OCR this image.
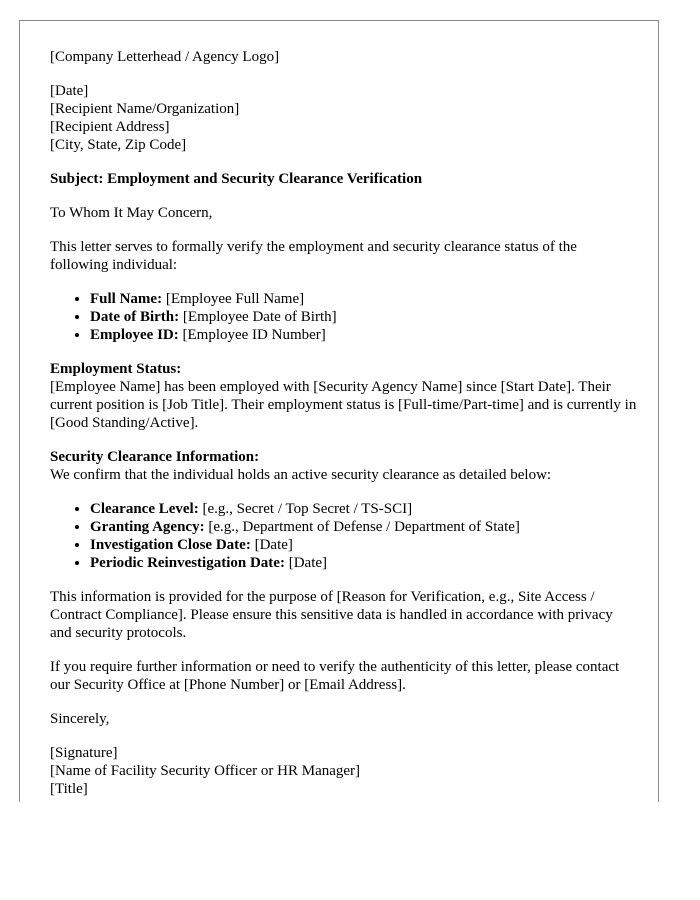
[Company Letterhead / Agency Logo]

[Date]
[Recipient Name/Organization]
[Recipient Address]
[City, State, Zip Code]

Subject: Employment and Security Clearance Verification

To Whom It May Concern,

This letter serves to formally verify the employment and security clearance status of the following individual:

• Full Name: [Employee Full Name]
• Date of Birth: [Employee Date of Birth]
• Employee ID: [Employee ID Number]

Employment Status:
[Employee Name] has been employed with [Security Agency Name] since [Start Date]. Their current position is [Job Title]. Their employment status is [Full-time/Part-time] and is currently in [Good Standing/Active].

Security Clearance Information:
We confirm that the individual holds an active security clearance as detailed below:

• Clearance Level: [e.g., Secret / Top Secret / TS-SCI]
• Granting Agency: [e.g., Department of Defense / Department of State]
• Investigation Close Date: [Date]
• Periodic Reinvestigation Date: [Date]

This information is provided for the purpose of [Reason for Verification, e.g., Site Access / Contract Compliance]. Please ensure this sensitive data is handled in accordance with privacy and security protocols.

If you require further information or need to verify the authenticity of this letter, please contact our Security Office at [Phone Number] or [Email Address].

Sincerely,

[Signature]
[Name of Facility Security Officer or HR Manager]
[Title]
